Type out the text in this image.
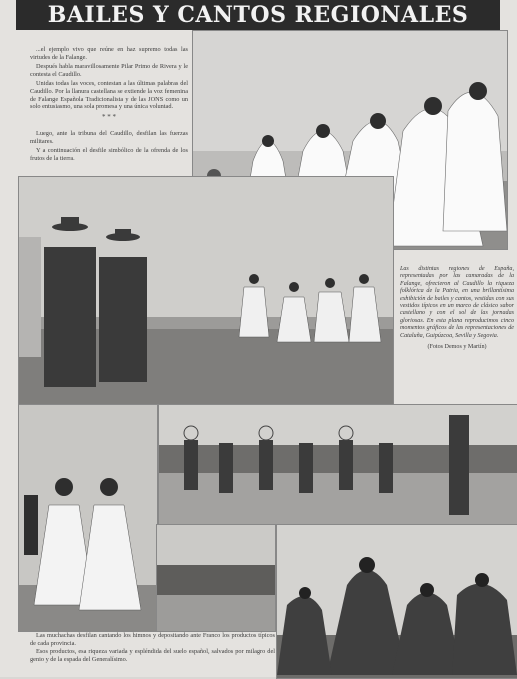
BAILES Y CANTOS REGIONALES

...el ejemplo vivo que reúne en haz supremo todas las virtudes de la Falange.

Después habla maravillosamente Pilar Primo de Rivera y le contesta el Caudillo.

Unidas todas las voces, contestan a las últimas palabras del Caudillo. Por la llanura castellana se extiende la voz femenina de Falange Española Tradicionalista y de las JONS como un solo entusiasmo, una sola promesa y una única voluntad.

* * *

Luego, ante la tribuna del Caudillo, desfilan las fuerzas militares.

Y a continuación el desfile simbólico de la ofrenda de los frutos de la tierra.

Las distintas regiones de España, representadas por las camaradas de la Falange, ofrecieron al Caudillo la riqueza folklórica de la Patria, en una brillantísima exhibición de bailes y cantos, vestidas con sus vestidos típicos en un marco de clásico sabor castellano y con el sol de las jornadas gloriosas. En esta plana reproducimos cinco momentos gráficos de las representaciones de Cataluña, Guipúzcoa, Sevilla y Segovia.
(Fotos Demos y Martín)

Las muchachas desfilan cantando los himnos y depositando ante Franco los productos típicos de cada provincia.

Esos productos, esa riqueza variada y espléndida del suelo español, salvados por milagro del genio y de la espada del Generalísimo.
